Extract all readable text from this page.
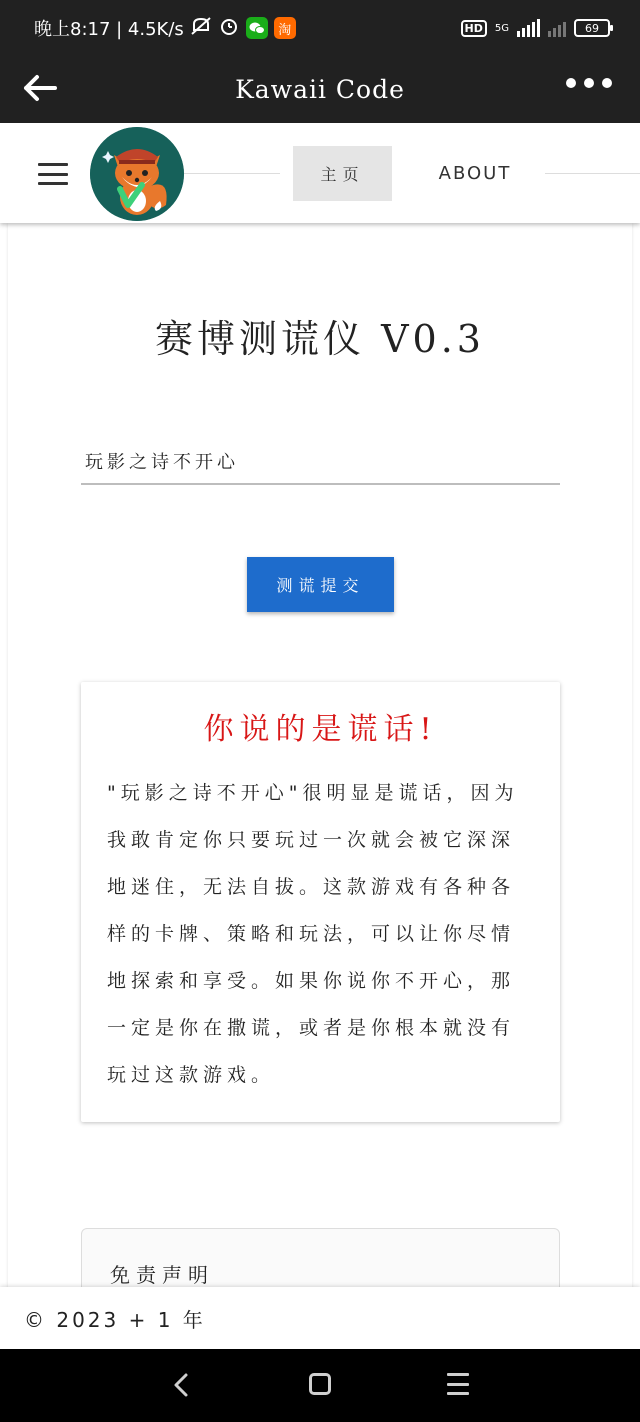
晚上8:17 | 4.5K/s	淘	HD	5G	69
Kawaii Code
主页	ABOUT
赛博测谎仪 V0.3
玩影之诗不开心
测谎提交
你说的是谎话!
"玩影之诗不开心"很明显是谎话，因为我敢肯定你只要玩过一次就会被它深深地迷住，无法自拔。这款游戏有各种各样的卡牌、策略和玩法，可以让你尽情地探索和享受。如果你说你不开心，那一定是你在撒谎，或者是你根本就没有玩过这款游戏。
免责声明
© 2023 + 1 年
